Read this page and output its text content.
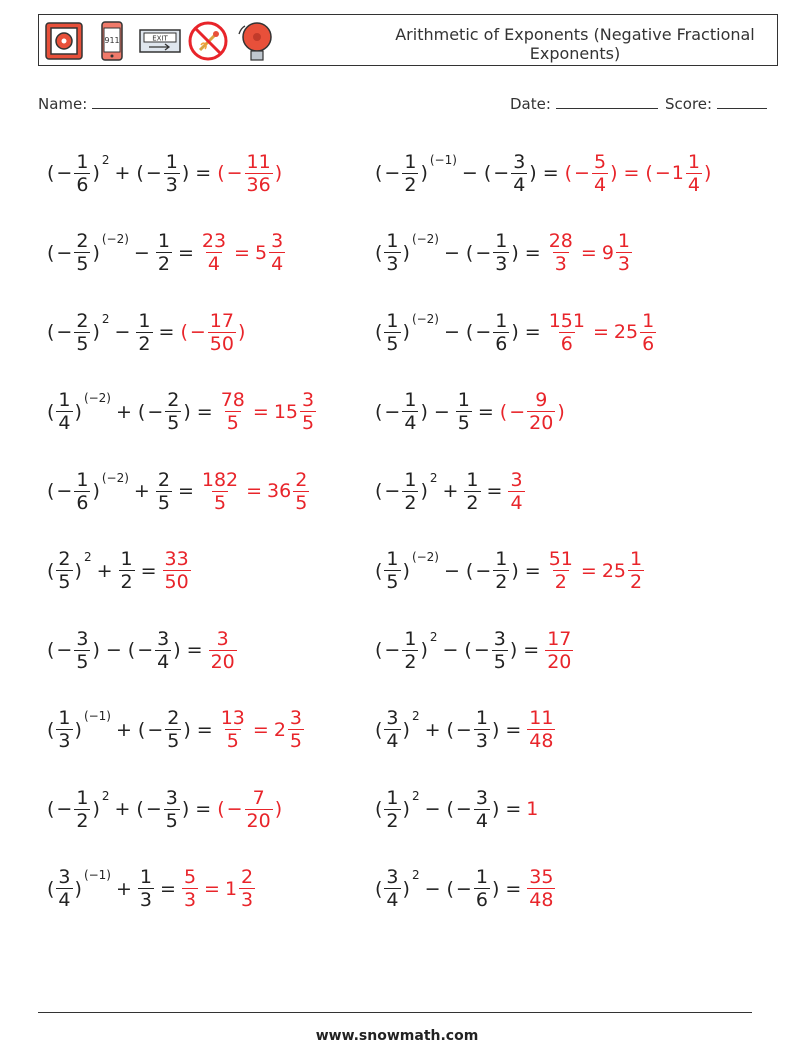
911	EXIT	Arithmetic of Exponents (Negative Fractional Exponents)
Name:	Date:	Score:
( − $\frac{1}{6}$ )
2
+ ( − $\frac{1}{3}$ ) = ( − $\frac{11}{36}$ )	( − $\frac{1}{2}$ )
(−1)
− ( − $\frac{3}{4}$ ) = ( − $\frac{5}{4}$ ) = ( − $1 \frac{1}{4}$ )
( − $\frac{2}{5}$ )
(−2)
− $\frac{1}{2} = \frac{23}{4} = 5 \frac{3}{4}$	( $\frac{1}{3}$ )
(−2)
− ( − $\frac{1}{3}$ ) = $\frac{28}{3} = 9 \frac{1}{3}$
( − $\frac{2}{5}$ )
2
− $\frac{1}{2}$ = ( − $\frac{17}{50}$ )	( $\frac{1}{5}$ )
(−2)
− ( − $\frac{1}{6}$ ) = $\frac{151}{6} = 25 \frac{1}{6}$
( $\frac{1}{4}$ )
(−2)
+ ( − $\frac{2}{5}$ ) = $\frac{78}{5} = 15 \frac{3}{5}$	( − $\frac{1}{4}$ ) − $\frac{1}{5}$ = ( − $\frac{9}{20}$ )
( − $\frac{1}{6}$ )
(−2)
+ $\frac{2}{5} = \frac{182}{5} = 36 \frac{2}{5}$	( − $\frac{1}{2}$ )
2
+ $\frac{1}{2} = \frac{3}{4}$
( $\frac{2}{5}$ )
2
+ $\frac{1}{2} = \frac{33}{50}$	( $\frac{1}{5}$ )
(−2)
− ( − $\frac{1}{2}$ ) = $\frac{51}{2} = 25 \frac{1}{2}$
( − $\frac{3}{5}$ ) − ( − $\frac{3}{4}$ ) = $\frac{3}{20}$	( − $\frac{1}{2}$ )
2
− ( − $\frac{3}{5}$ ) = $\frac{17}{20}$
( $\frac{1}{3}$ )
(−1)
+ ( − $\frac{2}{5}$ ) = $\frac{13}{5} = 2 \frac{3}{5}$	( $\frac{3}{4}$ )
2
+ ( − $\frac{1}{3}$ ) = $\frac{11}{48}$
( − $\frac{1}{2}$ )
2
+ ( − $\frac{3}{5}$ ) = ( − $\frac{7}{20}$ )	( $\frac{1}{2}$ )
2
− ( − $\frac{3}{4}$ ) = 1
( $\frac{3}{4}$ )
(−1)
+ $\frac{1}{3} = \frac{5}{3} = 1 \frac{2}{3}$	( $\frac{3}{4}$ )
2
− ( − $\frac{1}{6}$ ) = $\frac{35}{48}$
www.snowmath.com
